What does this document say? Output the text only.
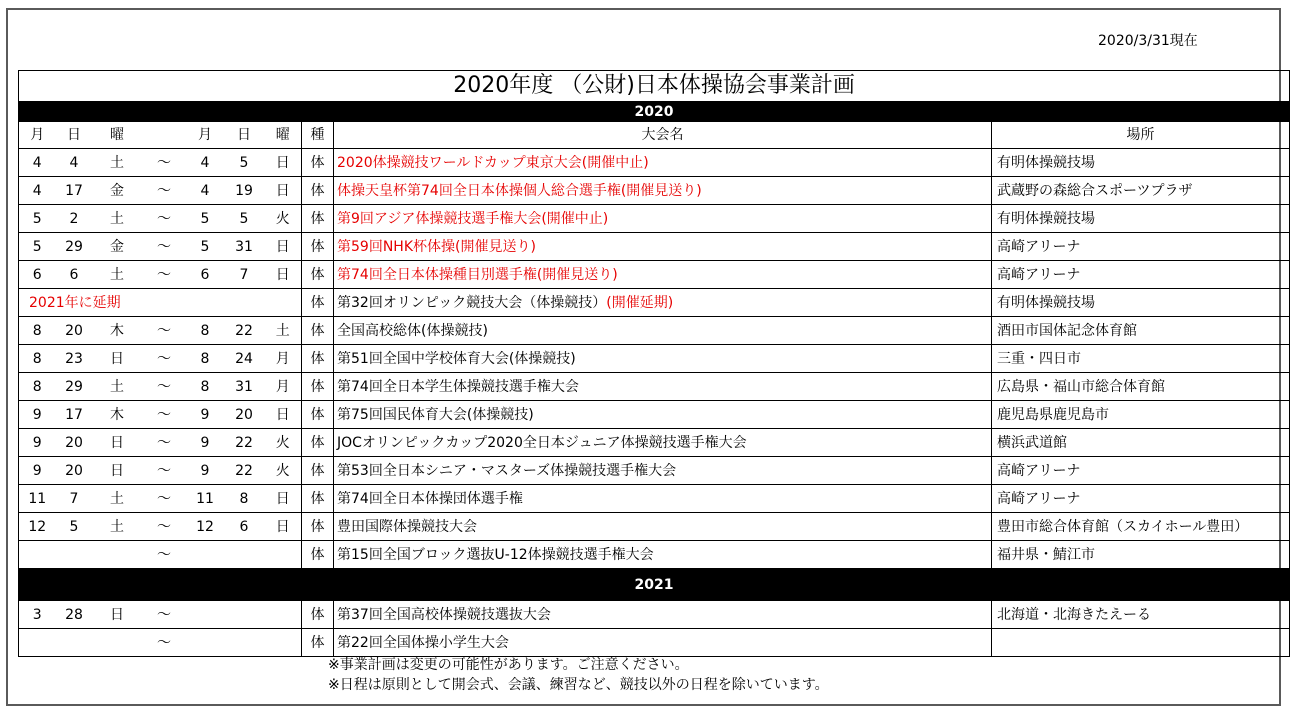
2020/3/31現在
2020年度 （公財)日本体操協会事業計画									
2020									
月	日	曜		月	日	曜	種	大会名	場所
4	4	土	～	4	5	日	体	2020体操競技ワールドカップ東京大会(開催中止)	有明体操競技場
4	17	金	～	4	19	日	体	体操天皇杯第74回全日本体操個人総合選手権(開催見送り)	武蔵野の森総合スポーツプラザ
5	2	土	～	5	5	火	体	第9回アジア体操競技選手権大会(開催中止)	有明体操競技場
5	29	金	～	5	31	日	体	第59回NHK杯体操(開催見送り)	高崎アリーナ
6	6	土	～	6	7	日	体	第74回全日本体操種目別選手権(開催見送り)	高崎アリーナ
2021年に延期							体	第32回オリンピック競技大会（体操競技）(開催延期)	有明体操競技場
8	20	木	～	8	22	土	体	全国高校総体(体操競技)	酒田市国体記念体育館
8	23	日	～	8	24	月	体	第51回全国中学校体育大会(体操競技)	三重・四日市
8	29	土	～	8	31	月	体	第74回全日本学生体操競技選手権大会	広島県・福山市総合体育館
9	17	木	～	9	20	日	体	第75回国民体育大会(体操競技)	鹿児島県鹿児島市
9	20	日	～	9	22	火	体	JOCオリンピックカップ2020全日本ジュニア体操競技選手権大会	横浜武道館
9	20	日	～	9	22	火	体	第53回全日本シニア・マスターズ体操競技選手権大会	高崎アリーナ
11	7	土	～	11	8	日	体	第74回全日本体操団体選手権	高崎アリーナ
12	5	土	～	12	6	日	体	豊田国際体操競技大会	豊田市総合体育館（スカイホール豊田）
			～				体	第15回全国ブロック選抜U-12体操競技選手権大会	福井県・鯖江市
2021									
3	28	日	～				体	第37回全国高校体操競技選抜大会	北海道・北海きたえーる
			～				体	第22回全国体操小学生大会	
※事業計画は変更の可能性があります。ご注意ください。
※日程は原則として開会式、会議、練習など、競技以外の日程を除いています。
